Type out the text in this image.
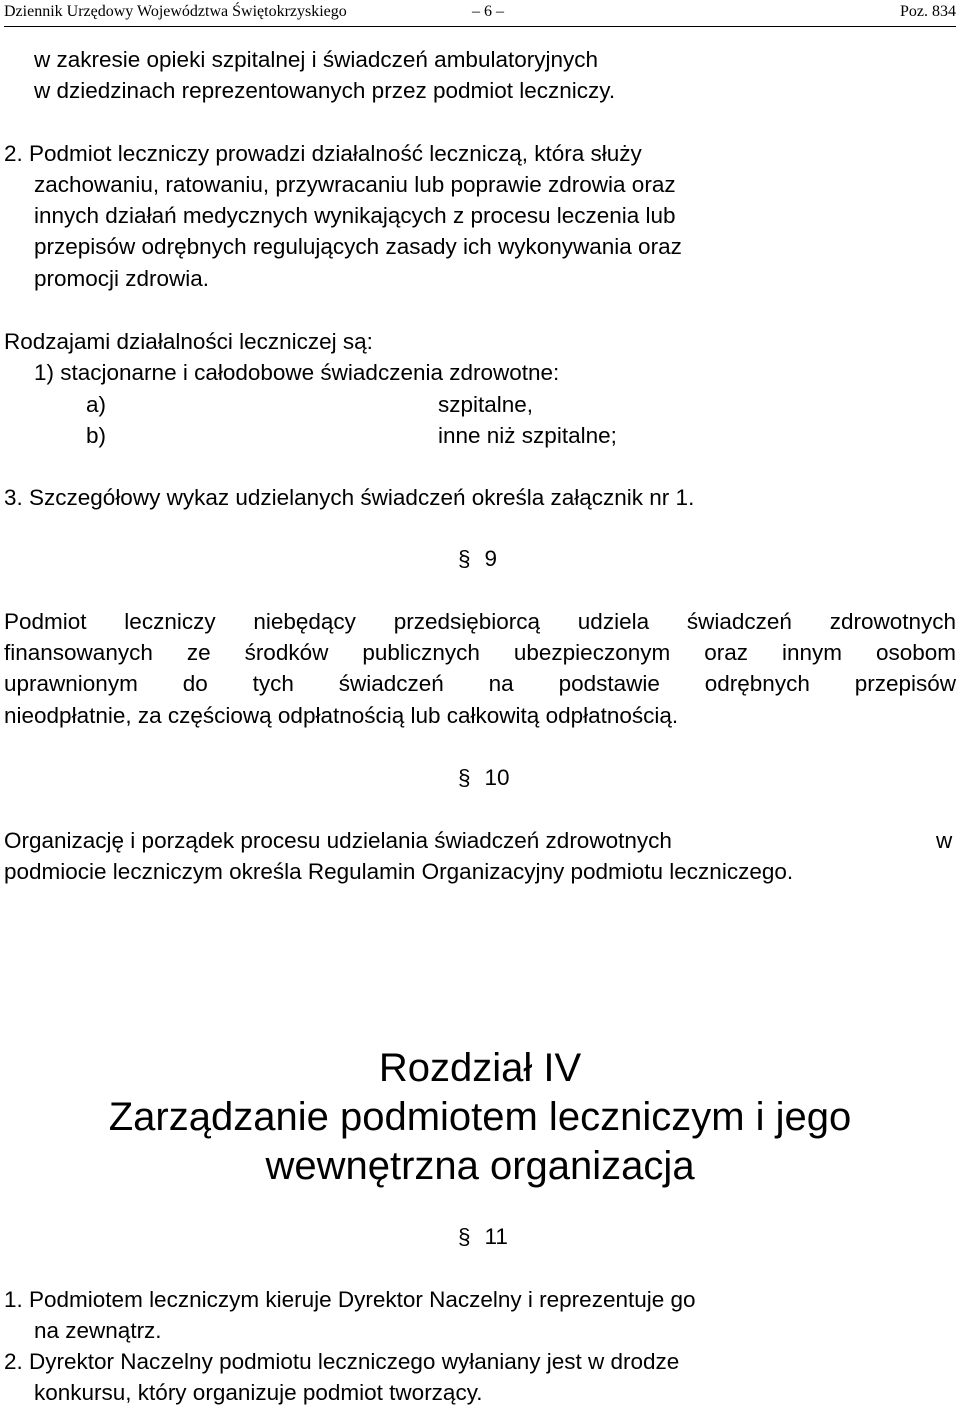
Dziennik Urzędowy Województwa Świętokrzyskiego	– 6 –	Poz. 834
w zakresie opieki szpitalnej i świadczeń ambulatoryjnych
w dziedzinach reprezentowanych przez podmiot leczniczy.
2. Podmiot leczniczy prowadzi działalność leczniczą, która służy
zachowaniu, ratowaniu, przywracaniu lub poprawie zdrowia oraz
innych działań medycznych wynikających z procesu leczenia lub
przepisów odrębnych regulujących zasady ich wykonywania oraz
promocji zdrowia.
Rodzajami działalności leczniczej są:
1) stacjonarne i całodobowe świadczenia zdrowotne:
a)	szpitalne,
b)	inne niż szpitalne;
3. Szczegółowy wykaz udzielanych świadczeń określa załącznik nr 1.
§ 9
Podmiot leczniczy niebędący przedsiębiorcą udziela świadczeń zdrowotnych
finansowanych ze środków publicznych ubezpieczonym oraz innym osobom
uprawnionym do tych świadczeń na podstawie odrębnych przepisów
nieodpłatnie, za częściową odpłatnością lub całkowitą odpłatnością.
§ 10
Organizację i porządek procesu udzielania świadczeń zdrowotnych	w
podmiocie leczniczym określa Regulamin Organizacyjny podmiotu leczniczego.
Rozdział IV
Zarządzanie podmiotem leczniczym i jego
wewnętrzna organizacja
§ 11
1. Podmiotem leczniczym kieruje Dyrektor Naczelny i reprezentuje go
na zewnątrz.
2. Dyrektor Naczelny podmiotu leczniczego wyłaniany jest w drodze
konkursu, który organizuje podmiot tworzący.
